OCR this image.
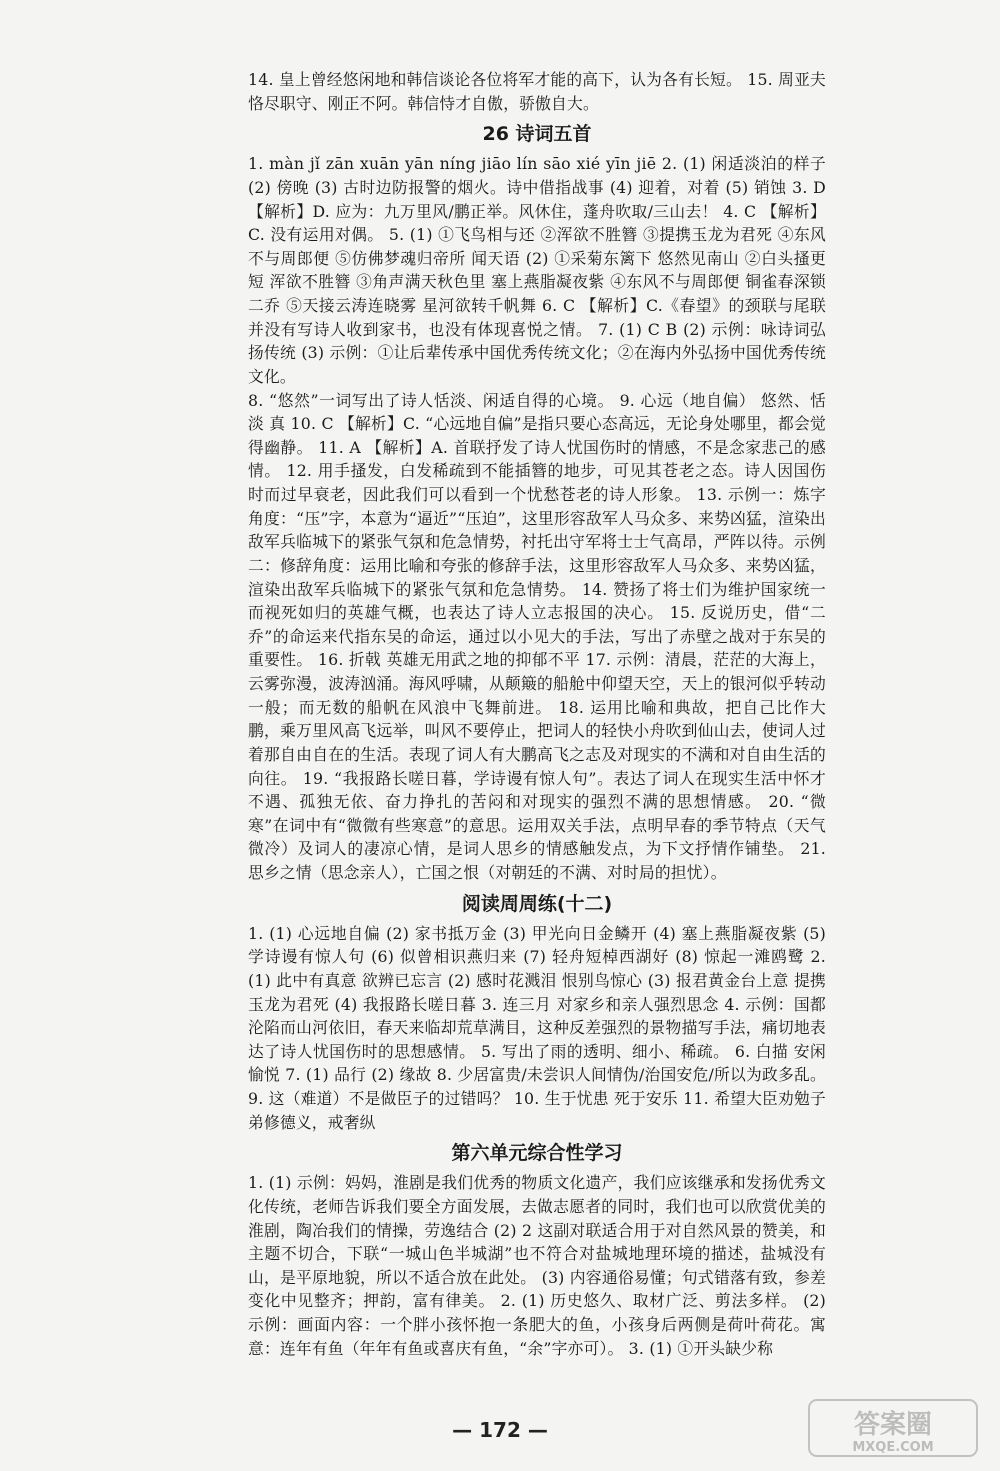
14. 皇上曾经悠闲地和韩信谈论各位将军才能的高下，认为各有长短。 15. 周亚夫恪尽职守、刚正不阿。韩信恃才自傲，骄傲自大。

26 诗词五首

1. màn jǐ zān xuān yān níng jiāo lín sāo xié yīn jiē 2. (1) 闲适淡泊的样子 (2) 傍晚 (3) 古时边防报警的烟火。诗中借指战事 (4) 迎着，对着 (5) 销蚀 3. D 【解析】D. 应为：九万里风/鹏正举。风休住，蓬舟吹取/三山去！ 4. C 【解析】C. 没有运用对偶。 5. (1) ①飞鸟相与还 ②浑欲不胜簪 ③提携玉龙为君死 ④东风不与周郎便 ⑤仿佛梦魂归帝所 闻天语 (2) ①采菊东篱下 悠然见南山 ②白头搔更短 浑欲不胜簪 ③角声满天秋色里 塞上燕脂凝夜紫 ④东风不与周郎便 铜雀春深锁二乔 ⑤天接云涛连晓雾 星河欲转千帆舞 6. C 【解析】C.《春望》的颈联与尾联并没有写诗人收到家书，也没有体现喜悦之情。 7. (1) C B (2) 示例：咏诗词弘扬传统 (3) 示例：①让后辈传承中国优秀传统文化；②在海内外弘扬中国优秀传统文化。

8. “悠然”一词写出了诗人恬淡、闲适自得的心境。 9. 心远（地自偏） 悠然、恬淡 真 10. C 【解析】C. “心远地自偏”是指只要心态高远，无论身处哪里，都会觉得幽静。 11. A 【解析】A. 首联抒发了诗人忧国伤时的情感，不是念家悲己的感情。 12. 用手搔发，白发稀疏到不能插簪的地步，可见其苍老之态。诗人因国伤时而过早衰老，因此我们可以看到一个忧愁苍老的诗人形象。 13. 示例一：炼字角度：“压”字，本意为“逼近”“压迫”，这里形容敌军人马众多、来势凶猛，渲染出敌军兵临城下的紧张气氛和危急情势，衬托出守军将士士气高昂，严阵以待。示例二：修辞角度：运用比喻和夸张的修辞手法，这里形容敌军人马众多、来势凶猛，渲染出敌军兵临城下的紧张气氛和危急情势。 14. 赞扬了将士们为维护国家统一而视死如归的英雄气概，也表达了诗人立志报国的决心。 15. 反说历史，借“二乔”的命运来代指东吴的命运，通过以小见大的手法，写出了赤壁之战对于东吴的重要性。 16. 折戟 英雄无用武之地的抑郁不平 17. 示例：清晨，茫茫的大海上，云雾弥漫，波涛汹涌。海风呼啸，从颠簸的船舱中仰望天空，天上的银河似乎转动一般；而无数的船帆在风浪中飞舞前进。 18. 运用比喻和典故，把自己比作大鹏，乘万里风高飞远举，叫风不要停止，把词人的轻快小舟吹到仙山去，使词人过着那自由自在的生活。表现了词人有大鹏高飞之志及对现实的不满和对自由生活的向往。 19. “我报路长嗟日暮，学诗谩有惊人句”。表达了词人在现实生活中怀才不遇、孤独无依、奋力挣扎的苦闷和对现实的强烈不满的思想情感。 20. “微寒”在词中有“微微有些寒意”的意思。运用双关手法，点明早春的季节特点（天气微冷）及词人的凄凉心情，是词人思乡的情感触发点，为下文抒情作铺垫。 21. 思乡之情（思念亲人），亡国之恨（对朝廷的不满、对时局的担忧）。

阅读周周练(十二)

1. (1) 心远地自偏 (2) 家书抵万金 (3) 甲光向日金鳞开 (4) 塞上燕脂凝夜紫 (5) 学诗谩有惊人句 (6) 似曾相识燕归来 (7) 轻舟短棹西湖好 (8) 惊起一滩鸥鹭 2. (1) 此中有真意 欲辨已忘言 (2) 感时花溅泪 恨别鸟惊心 (3) 报君黄金台上意 提携玉龙为君死 (4) 我报路长嗟日暮 3. 连三月 对家乡和亲人强烈思念 4. 示例：国都沦陷而山河依旧，春天来临却荒草满目，这种反差强烈的景物描写手法，痛切地表达了诗人忧国伤时的思想感情。 5. 写出了雨的透明、细小、稀疏。 6. 白描 安闲愉悦 7. (1) 品行 (2) 缘故 8. 少居富贵/未尝识人间情伪/治国安危/所以为政多乱。 9. 这（难道）不是做臣子的过错吗？ 10. 生于忧患 死于安乐 11. 希望大臣劝勉子弟修德义，戒奢纵

第六单元综合性学习

1. (1) 示例：妈妈，淮剧是我们优秀的物质文化遗产，我们应该继承和发扬优秀文化传统，老师告诉我们要全方面发展，去做志愿者的同时，我们也可以欣赏优美的淮剧，陶冶我们的情操，劳逸结合 (2) 2 这副对联适合用于对自然风景的赞美，和主题不切合，下联“一城山色半城湖”也不符合对盐城地理环境的描述，盐城没有山，是平原地貌，所以不适合放在此处。 (3) 内容通俗易懂；句式错落有致，参差变化中见整齐；押韵，富有律美。 2. (1) 历史悠久、取材广泛、剪法多样。 (2) 示例：画面内容：一个胖小孩怀抱一条肥大的鱼，小孩身后两侧是荷叶荷花。寓意：连年有鱼（年年有鱼或喜庆有鱼，“余”字亦可）。 3. (1) ①开头缺少称

— 172 —	答案圈
MXQE.COM
